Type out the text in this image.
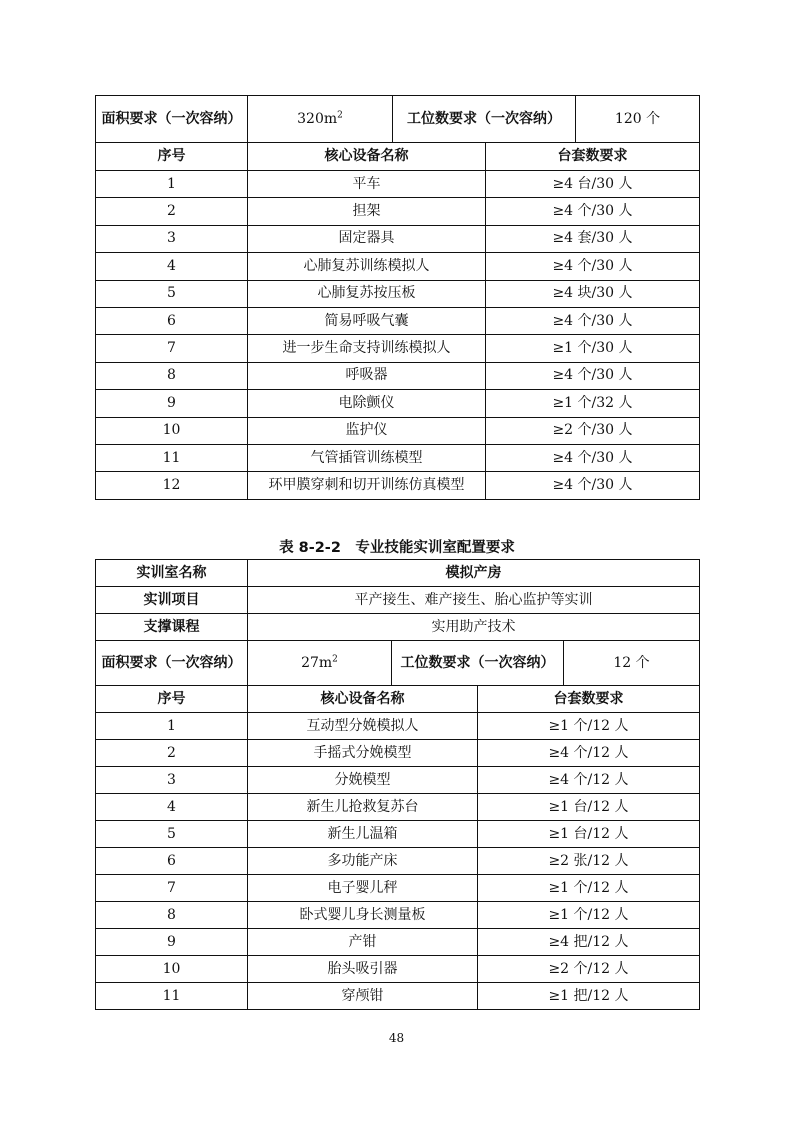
面积要求（一次容纳）	$320m^2$	工位数要求（一次容纳）		120 个
序号	核心设备名称		台套数要求	
1	平车		≥4 台/30 人	
2	担架		≥4 个/30 人	
3	固定器具		≥4 套/30 人	
4	心肺复苏训练模拟人		≥4 个/30 人	
5	心肺复苏按压板		≥4 块/30 人	
6	简易呼吸气囊		≥4 个/30 人	
7	进一步生命支持训练模拟人		≥1 个/30 人	
8	呼吸器		≥4 个/30 人	
9	电除颤仪		≥1 个/32 人	
10	监护仪		≥2 个/30 人	
11	气管插管训练模型		≥4 个/30 人	
12	环甲膜穿刺和切开训练仿真模型		≥4 个/30 人	
表 8-2-2　专业技能实训室配置要求
实训室名称	模拟产房			
实训项目	平产接生、难产接生、胎心监护等实训			
支撑课程	实用助产技术			
面积要求（一次容纳）	$27m^2$	工位数要求（一次容纳）		12 个
序号	核心设备名称		台套数要求	
1	互动型分娩模拟人		≥1 个/12 人	
2	手摇式分娩模型		≥4 个/12 人	
3	分娩模型		≥4 个/12 人	
4	新生儿抢救复苏台		≥1 台/12 人	
5	新生儿温箱		≥1 台/12 人	
6	多功能产床		≥2 张/12 人	
7	电子婴儿秤		≥1 个/12 人	
8	卧式婴儿身长测量板		≥1 个/12 人	
9	产钳		≥4 把/12 人	
10	胎头吸引器		≥2 个/12 人	
11	穿颅钳		≥1 把/12 人	
48
